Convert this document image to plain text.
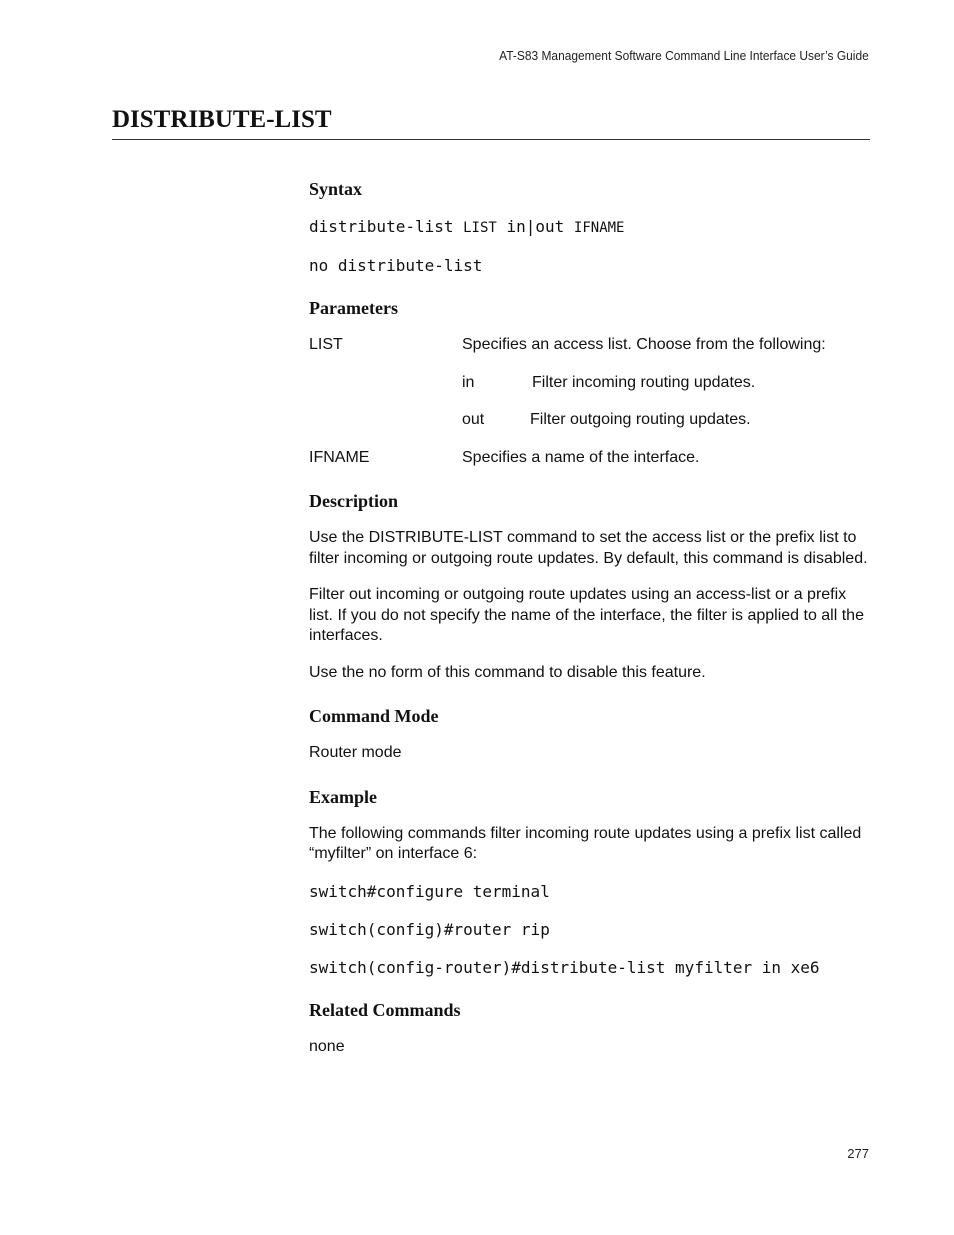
AT-S83 Management Software Command Line Interface User’s Guide
DISTRIBUTE-LIST
Syntax
distribute-list LIST in|out IFNAME
no distribute-list
Parameters
LIST	Specifies an access list. Choose from the following:
in	Filter incoming routing updates.
out	Filter outgoing routing updates.
IFNAME	Specifies a name of the interface.
Description

Use the DISTRIBUTE-LIST command to set the access list or the prefix list to filter incoming or outgoing route updates. By default, this command is disabled.

Filter out incoming or outgoing route updates using an access-list or a prefix list. If you do not specify the name of the interface, the filter is applied to all the interfaces.

Use the no form of this command to disable this feature.

Command Mode

Router mode

Example

The following commands filter incoming route updates using a prefix list called “myfilter” on interface 6:

switch#configure terminal
switch(config)#router rip
switch(config-router)#distribute-list myfilter in xe6
Related Commands

none

277
